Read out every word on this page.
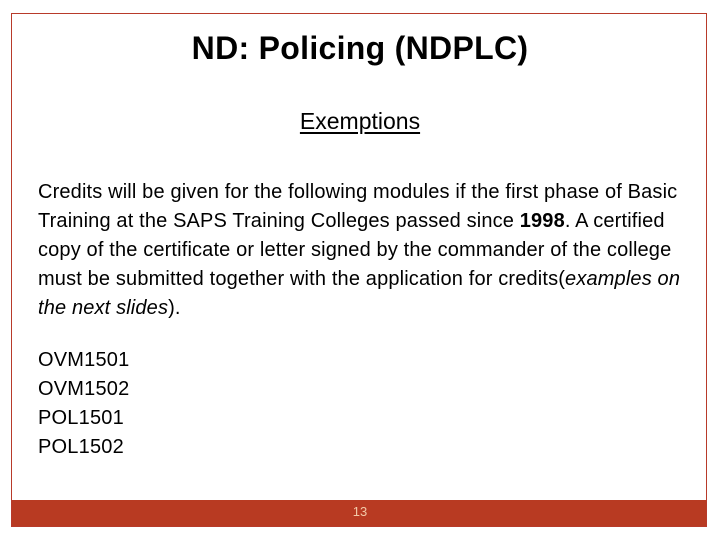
ND: Policing (NDPLC)
Exemptions
Credits will be given for the following modules if the first phase of Basic Training at the SAPS Training Colleges passed since 1998. A certified copy of the certificate or letter signed by the commander of the college must be submitted together with the application for credits(examples on the next slides).
OVM1501
OVM1502
POL1501
POL1502
13
